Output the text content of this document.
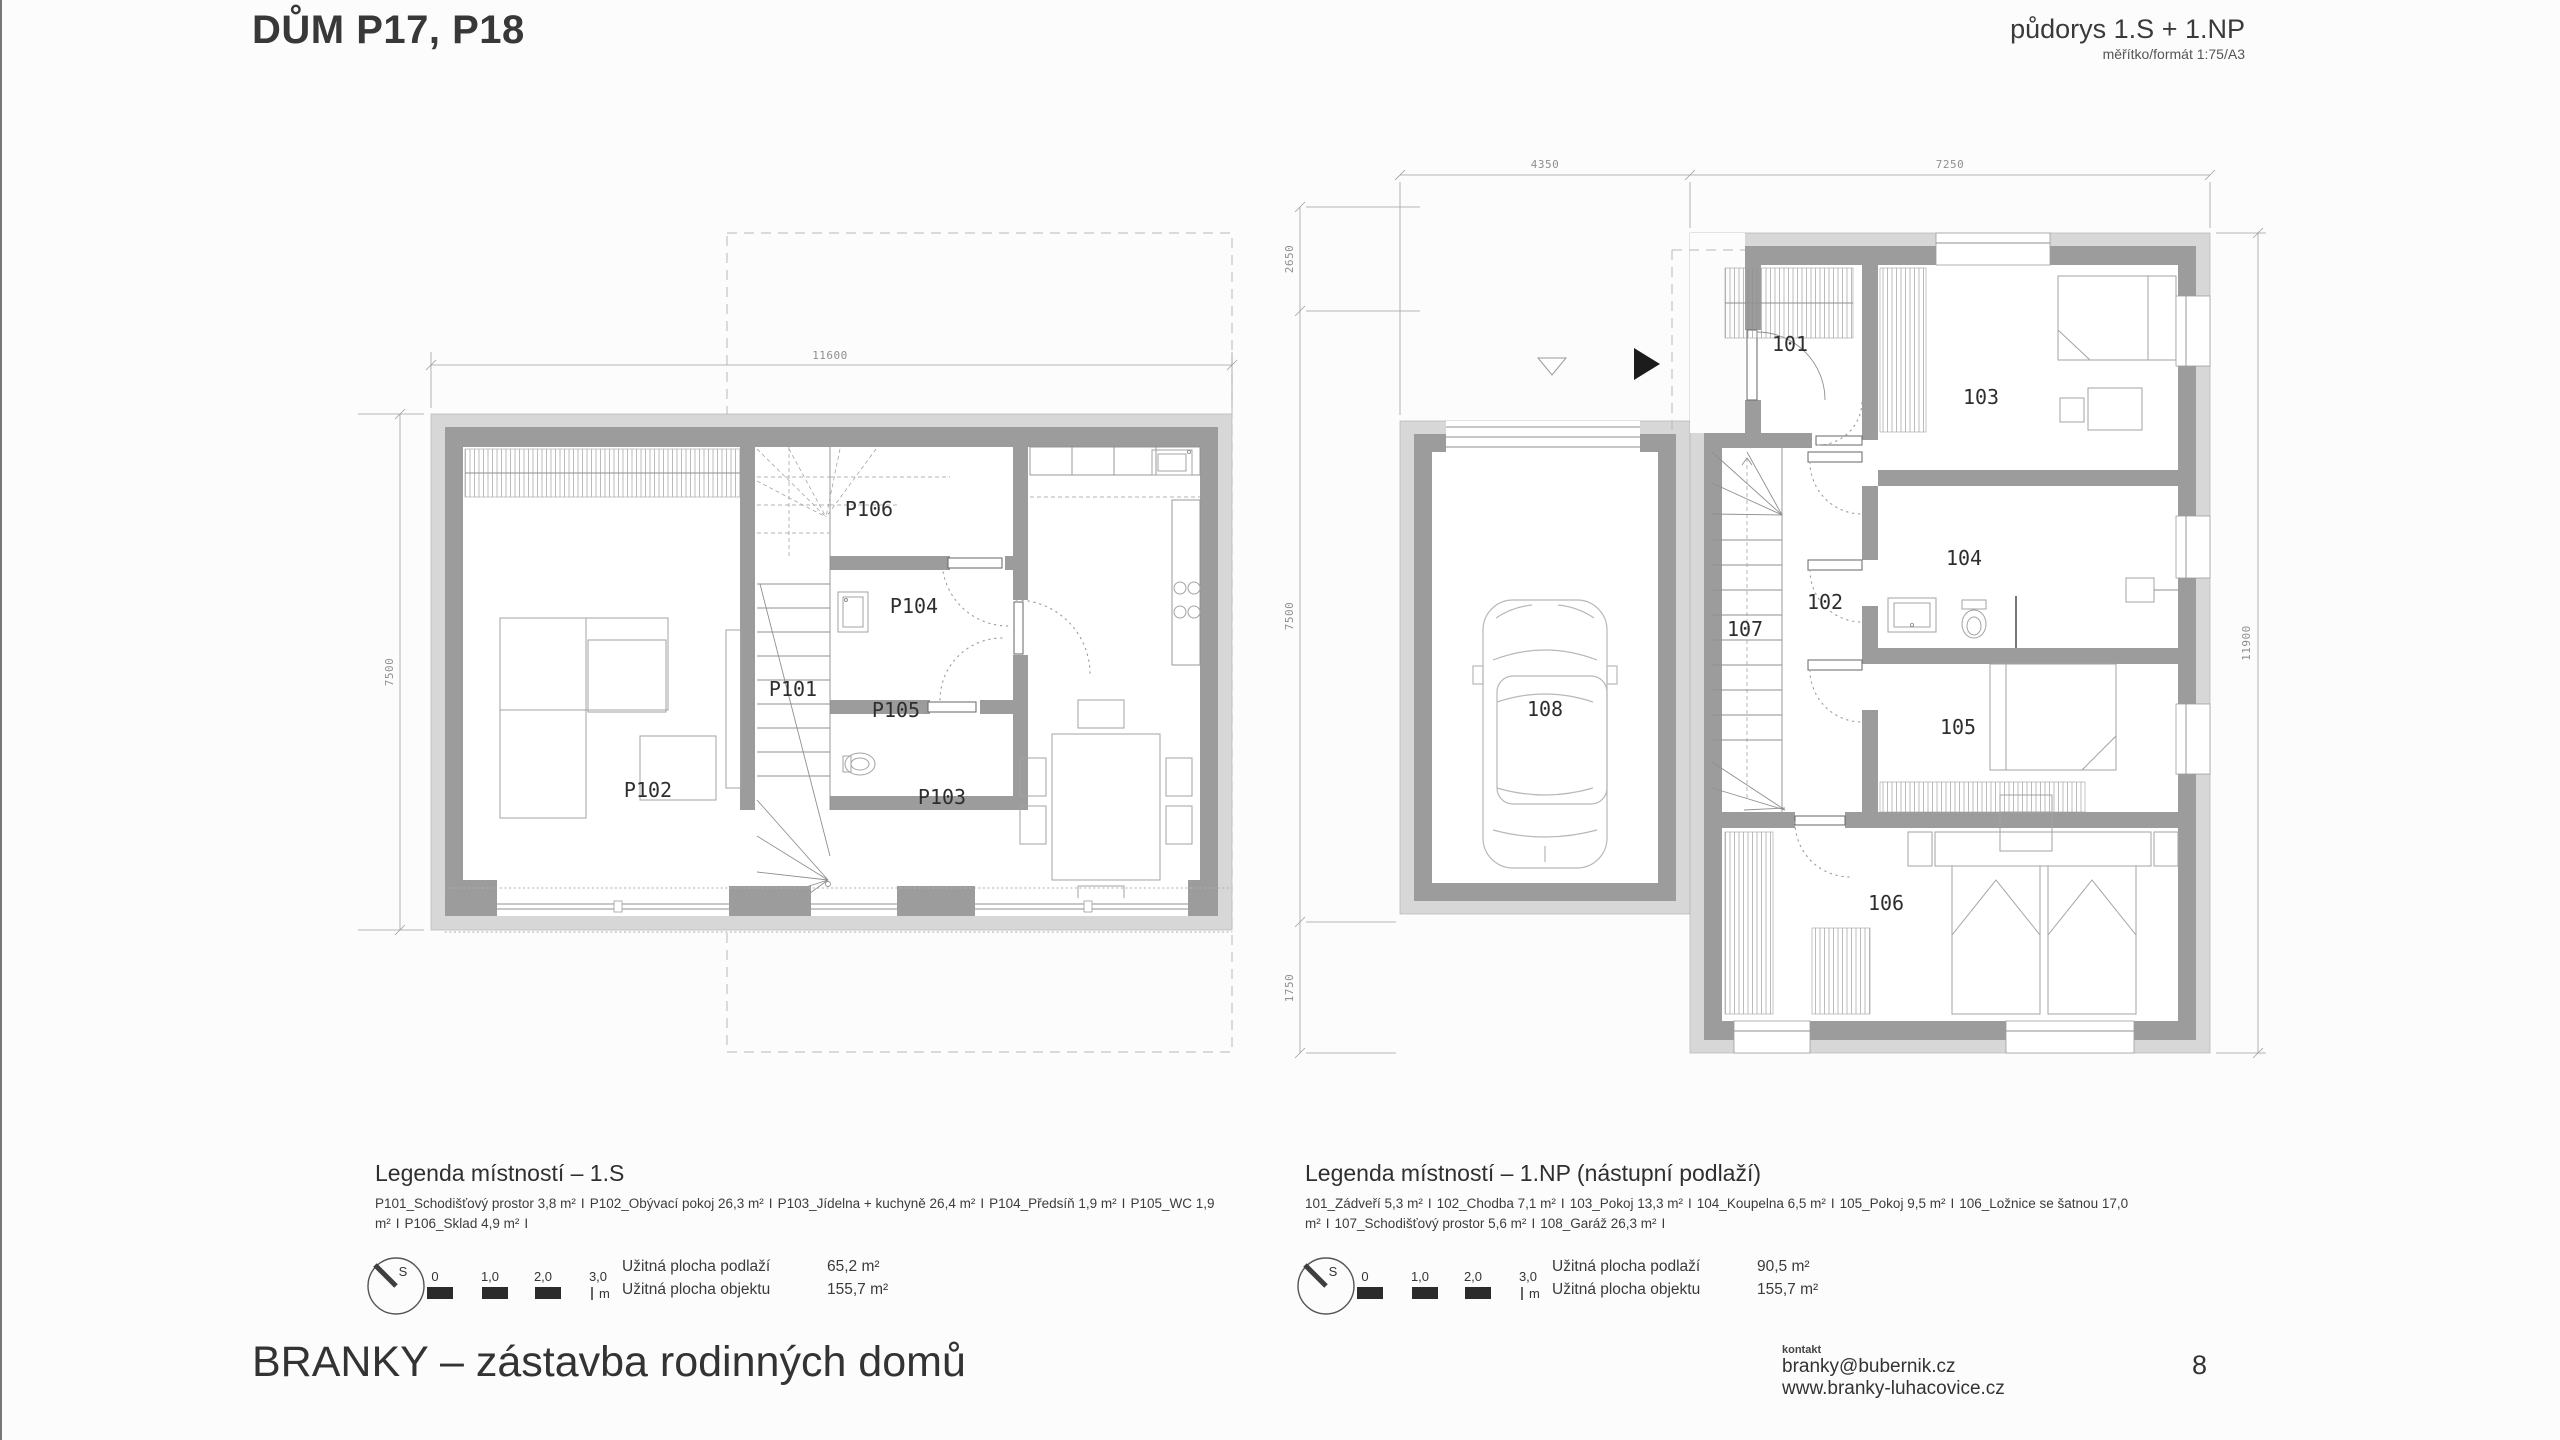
DŮM P17, P18	půdorys 1.S + 1.NP
měřítko/formát 1:75/A3
11600
7500
P101
P102	P103
P104
P105
P106
4350	7250
2650
7500
1750
11900
101
102
103
104
105
106
107
108
Legenda místností – 1.S
P101_Schodišťový prostor 3,8 m² I P102_Obývací pokoj 26,3 m² I P103_Jídelna + kuchyně 26,4 m² I P104_Předsíň 1,9 m² I P105_WC 1,9 m² I P106_Sklad 4,9 m² I
S 0	1,0	2,0	3,0
m
Užitná plocha podlaží	65,2 m²
Užitná plocha objektu	155,7 m²
Legenda místností – 1.NP (nástupní podlaží)
101_Zádveří 5,3 m² I 102_Chodba 7,1 m² I 103_Pokoj 13,3 m² I 104_Koupelna 6,5 m² I 105_Pokoj 9,5 m² I 106_Ložnice se šatnou 17,0 m² I 107_Schodišťový prostor 5,6 m² I 108_Garáž 26,3 m² I
S 0	1,0	2,0	3,0
m
Užitná plocha podlaží	90,5 m²
Užitná plocha objektu	155,7 m²
BRANKY – zástavba rodinných domů	kontakt
branky@bubernik.cz
www.branky-luhacovice.cz
8
